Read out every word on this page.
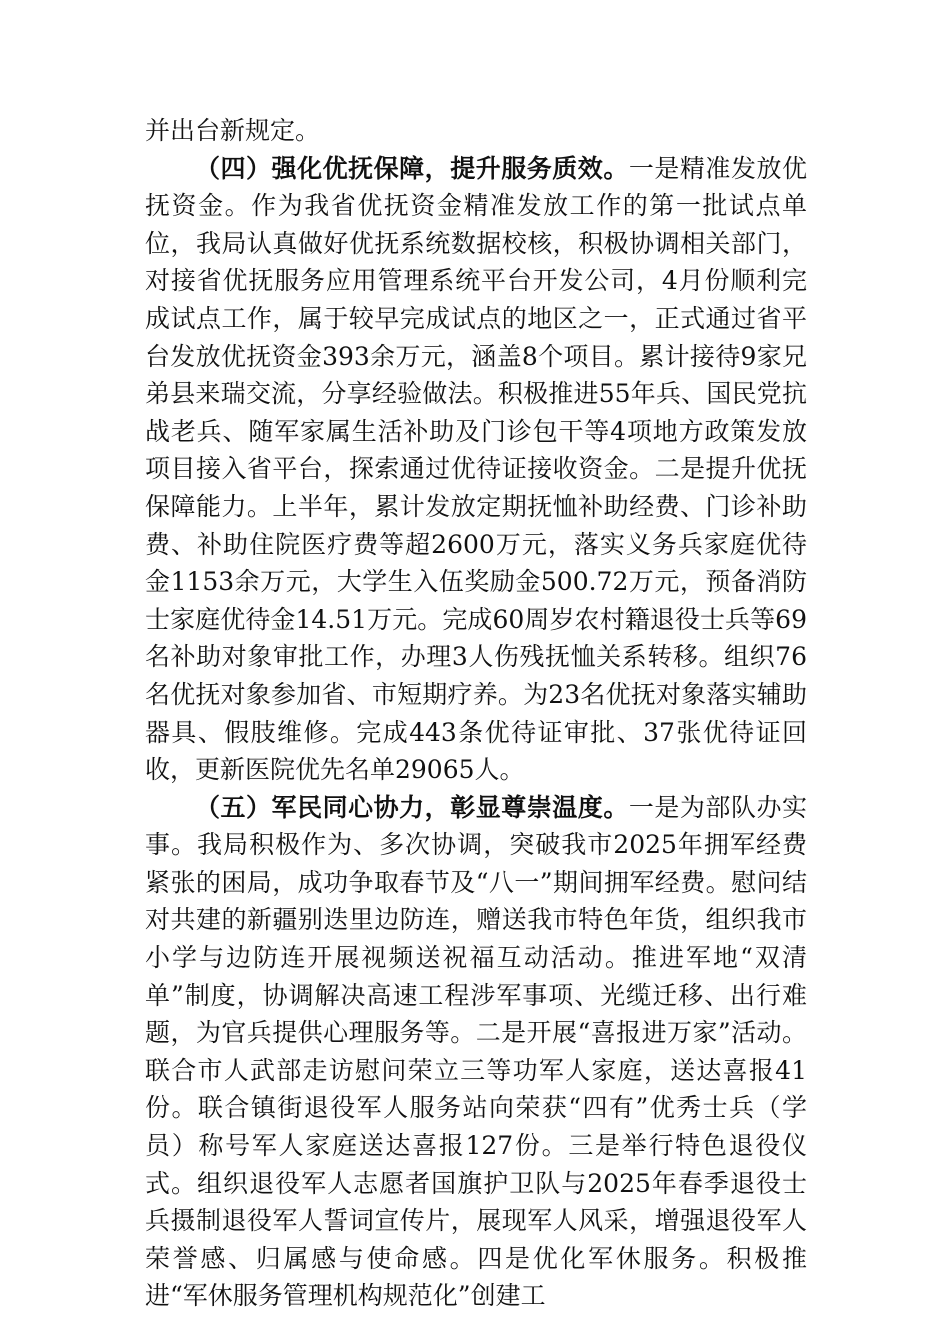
并出台新规定。

（四）强化优抚保障，提升服务质效。一是精准发放优抚资金。作为我省优抚资金精准发放工作的第一批试点单位，我局认真做好优抚系统数据校核，积极协调相关部门，对接省优抚服务应用管理系统平台开发公司，4月份顺利完成试点工作，属于较早完成试点的地区之一，正式通过省平台发放优抚资金393余万元，涵盖8个项目。累计接待9家兄弟县来瑞交流，分享经验做法。积极推进55年兵、国民党抗战老兵、随军家属生活补助及门诊包干等4项地方政策发放项目接入省平台，探索通过优待证接收资金。二是提升优抚保障能力。上半年，累计发放定期抚恤补助经费、门诊补助费、补助住院医疗费等超2600万元，落实义务兵家庭优待金1153余万元，大学生入伍奖励金500.72万元，预备消防士家庭优待金14.51万元。完成60周岁农村籍退役士兵等69名补助对象审批工作，办理3人伤残抚恤关系转移。组织76名优抚对象参加省、市短期疗养。为23名优抚对象落实辅助器具、假肢维修。完成443条优待证审批、37张优待证回收，更新医院优先名单29065人。

（五）军民同心协力，彰显尊崇温度。一是为部队办实事。我局积极作为、多次协调，突破我市2025年拥军经费紧张的困局，成功争取春节及“八一”期间拥军经费。慰问结对共建的新疆别迭里边防连，赠送我市特色年货，组织我市小学与边防连开展视频送祝福互动活动。推进军地“双清单”制度，协调解决高速工程涉军事项、光缆迁移、出行难题，为官兵提供心理服务等。二是开展“喜报进万家”活动。联合市人武部走访慰问荣立三等功军人家庭，送达喜报41份。联合镇街退役军人服务站向荣获“四有”优秀士兵（学员）称号军人家庭送达喜报127份。三是举行特色退役仪式。组织退役军人志愿者国旗护卫队与2025年春季退役士兵摄制退役军人誓词宣传片，展现军人风采，增强退役军人荣誉感、归属感与使命感。四是优化军休服务。积极推进“军休服务管理机构规范化”创建工
